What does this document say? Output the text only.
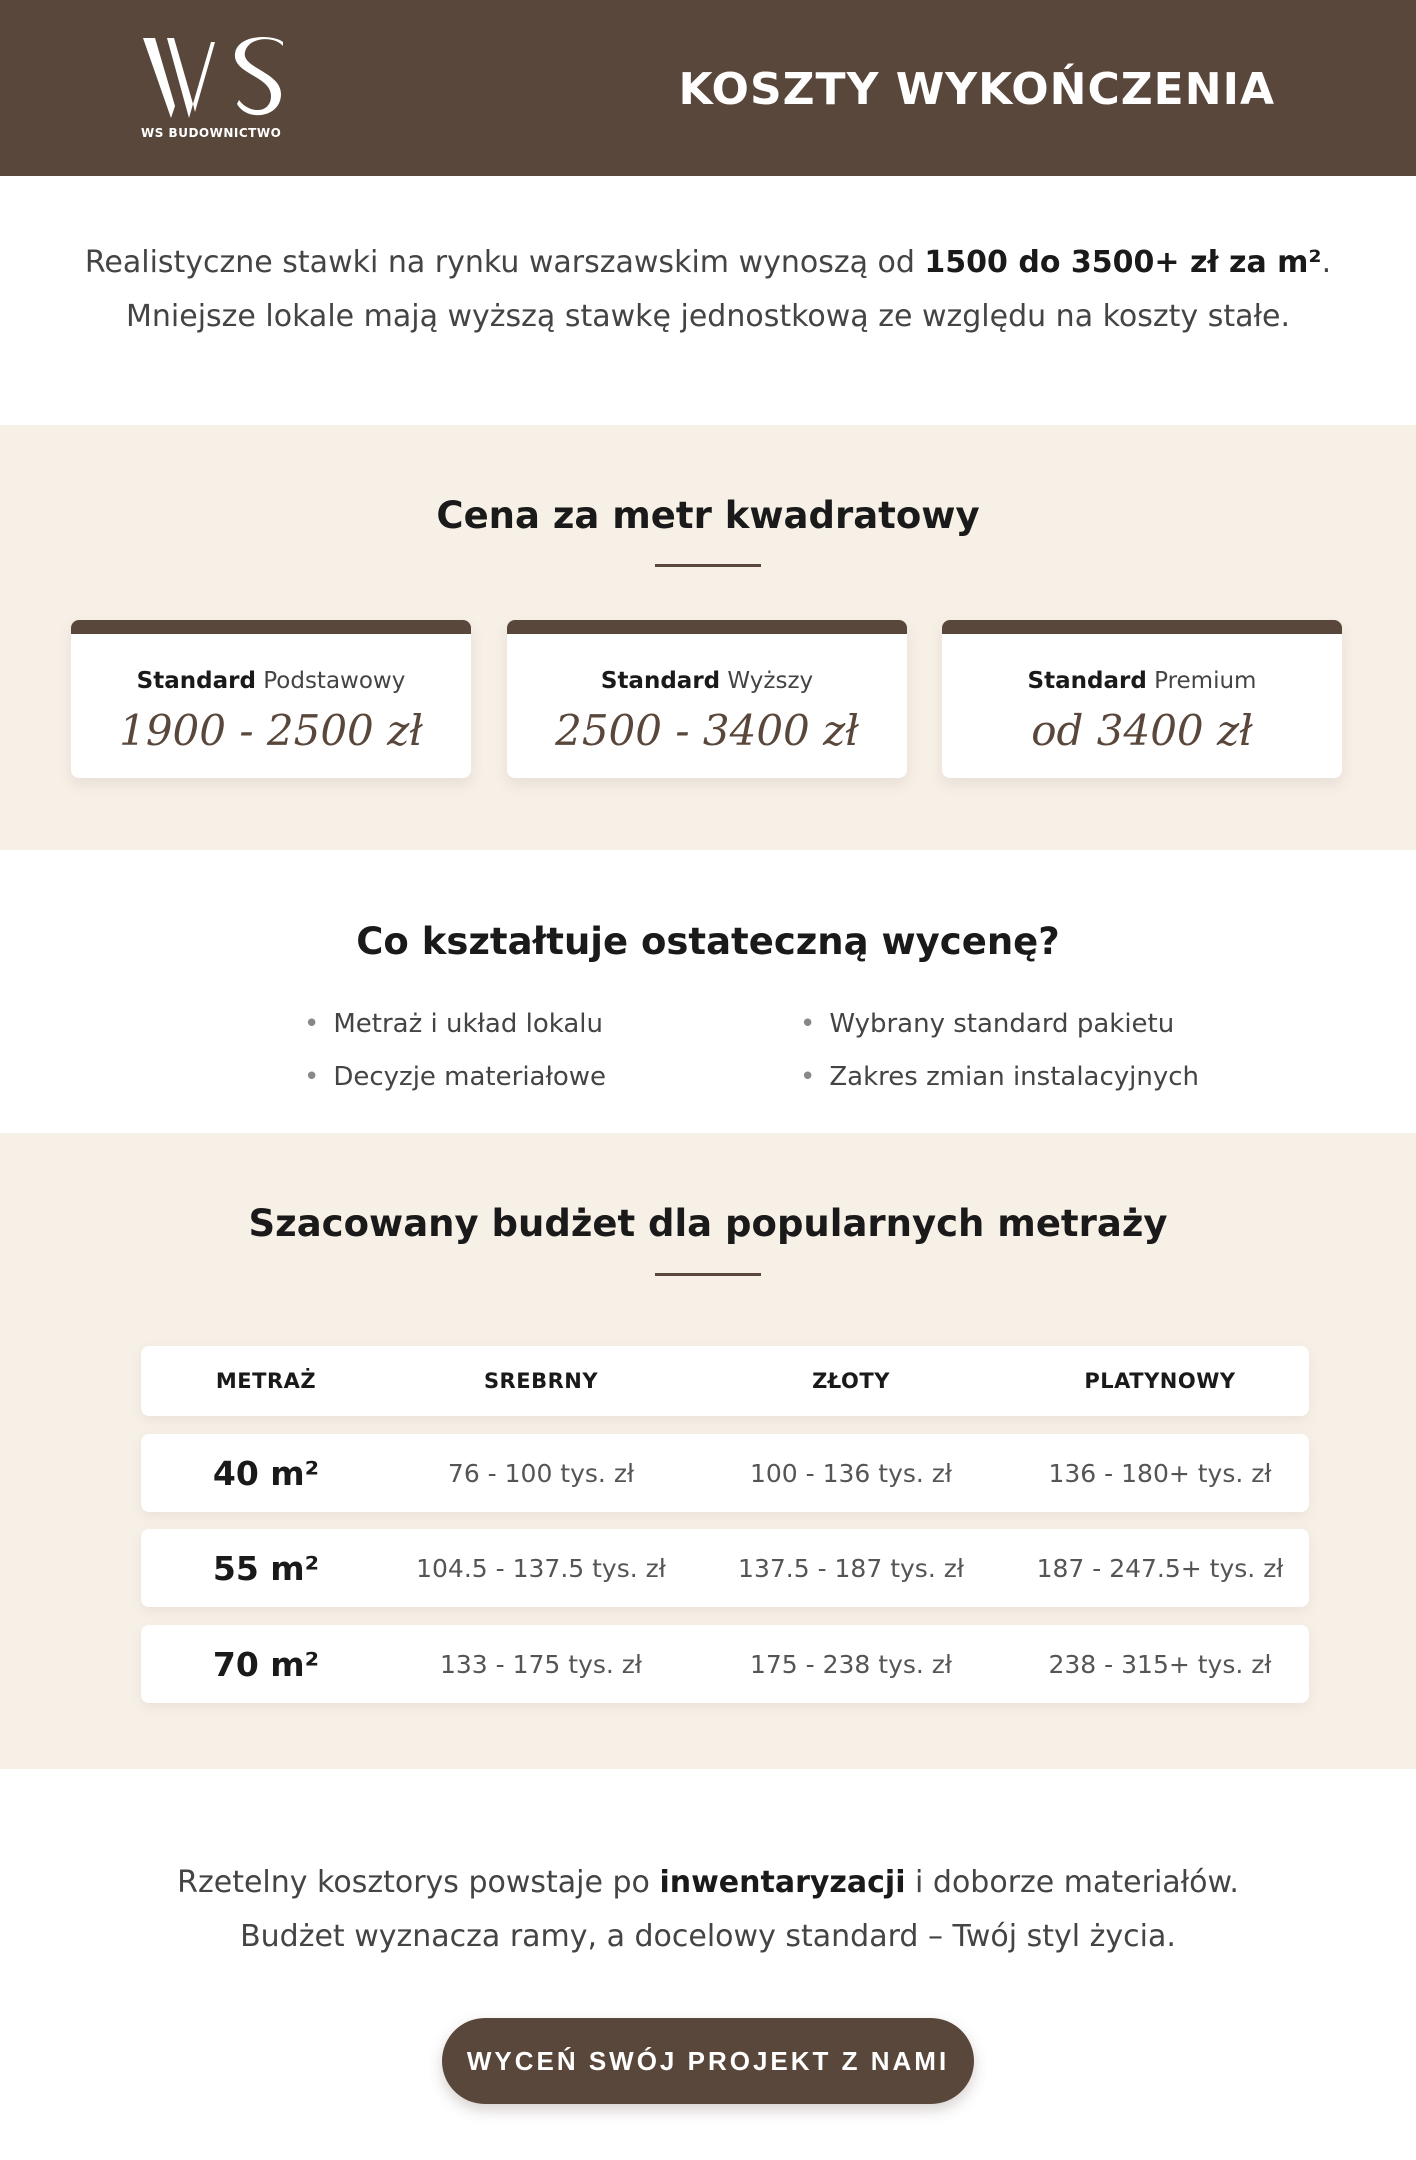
WS BUDOWNICTWO
KOSZTY WYKOŃCZENIA
Realistyczne stawki na rynku warszawskim wynoszą od 1500 do 3500+ zł za m².
Mniejsze lokale mają wyższą stawkę jednostkową ze względu na koszty stałe.
Cena za metr kwadratowy
Standard Podstawowy
1900 - 2500 zł
Standard Wyższy
2500 - 3400 zł
Standard Premium
od 3400 zł
Co kształtuje ostateczną wycenę?
• Metraż i układ lokalu	• Wybrany standard pakietu
• Decyzje materiałowe	• Zakres zmian instalacyjnych
Szacowany budżet dla popularnych metraży
METRAŻ	SREBRNY	ZŁOTY	PLATYNOWY
40 m²	76 - 100 tys. zł	100 - 136 tys. zł	136 - 180+ tys. zł
55 m²	104.5 - 137.5 tys. zł	137.5 - 187 tys. zł	187 - 247.5+ tys. zł
70 m²	133 - 175 tys. zł	175 - 238 tys. zł	238 - 315+ tys. zł
Rzetelny kosztorys powstaje po inwentaryzacji i doborze materiałów.
Budżet wyznacza ramy, a docelowy standard – Twój styl życia.
WYCEŃ SWÓJ PROJEKT Z NAMI
